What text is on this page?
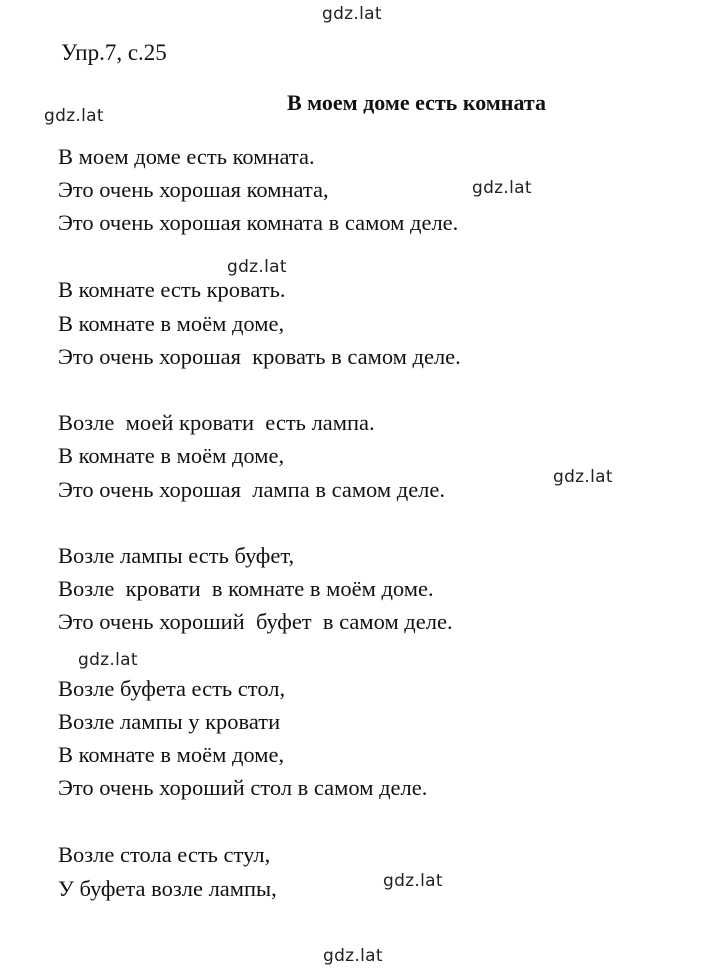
gdz.lat
Упр.7, с.25
gdz.lat
В моем доме есть комната
В моем доме есть комната.
Это очень хорошая комната,	gdz.lat
Это очень хорошая комната в самом деле.
gdz.lat
В комнате есть кровать.
В комнате в моём доме,
Это очень хорошая  кровать в самом деле.
Возле  моей кровати  есть лампа.
В комнате в моём доме,
gdz.lat
Это очень хорошая  лампа в самом деле.
Возле лампы есть буфет,
Возле  кровати  в комнате в моём доме.
Это очень хороший  буфет  в самом деле.
gdz.lat
Возле буфета есть стол,
Возле лампы у кровати
В комнате в моём доме,
Это очень хороший стол в самом деле.
Возле стола есть стул,
gdz.lat
У буфета возле лампы,
gdz.lat
